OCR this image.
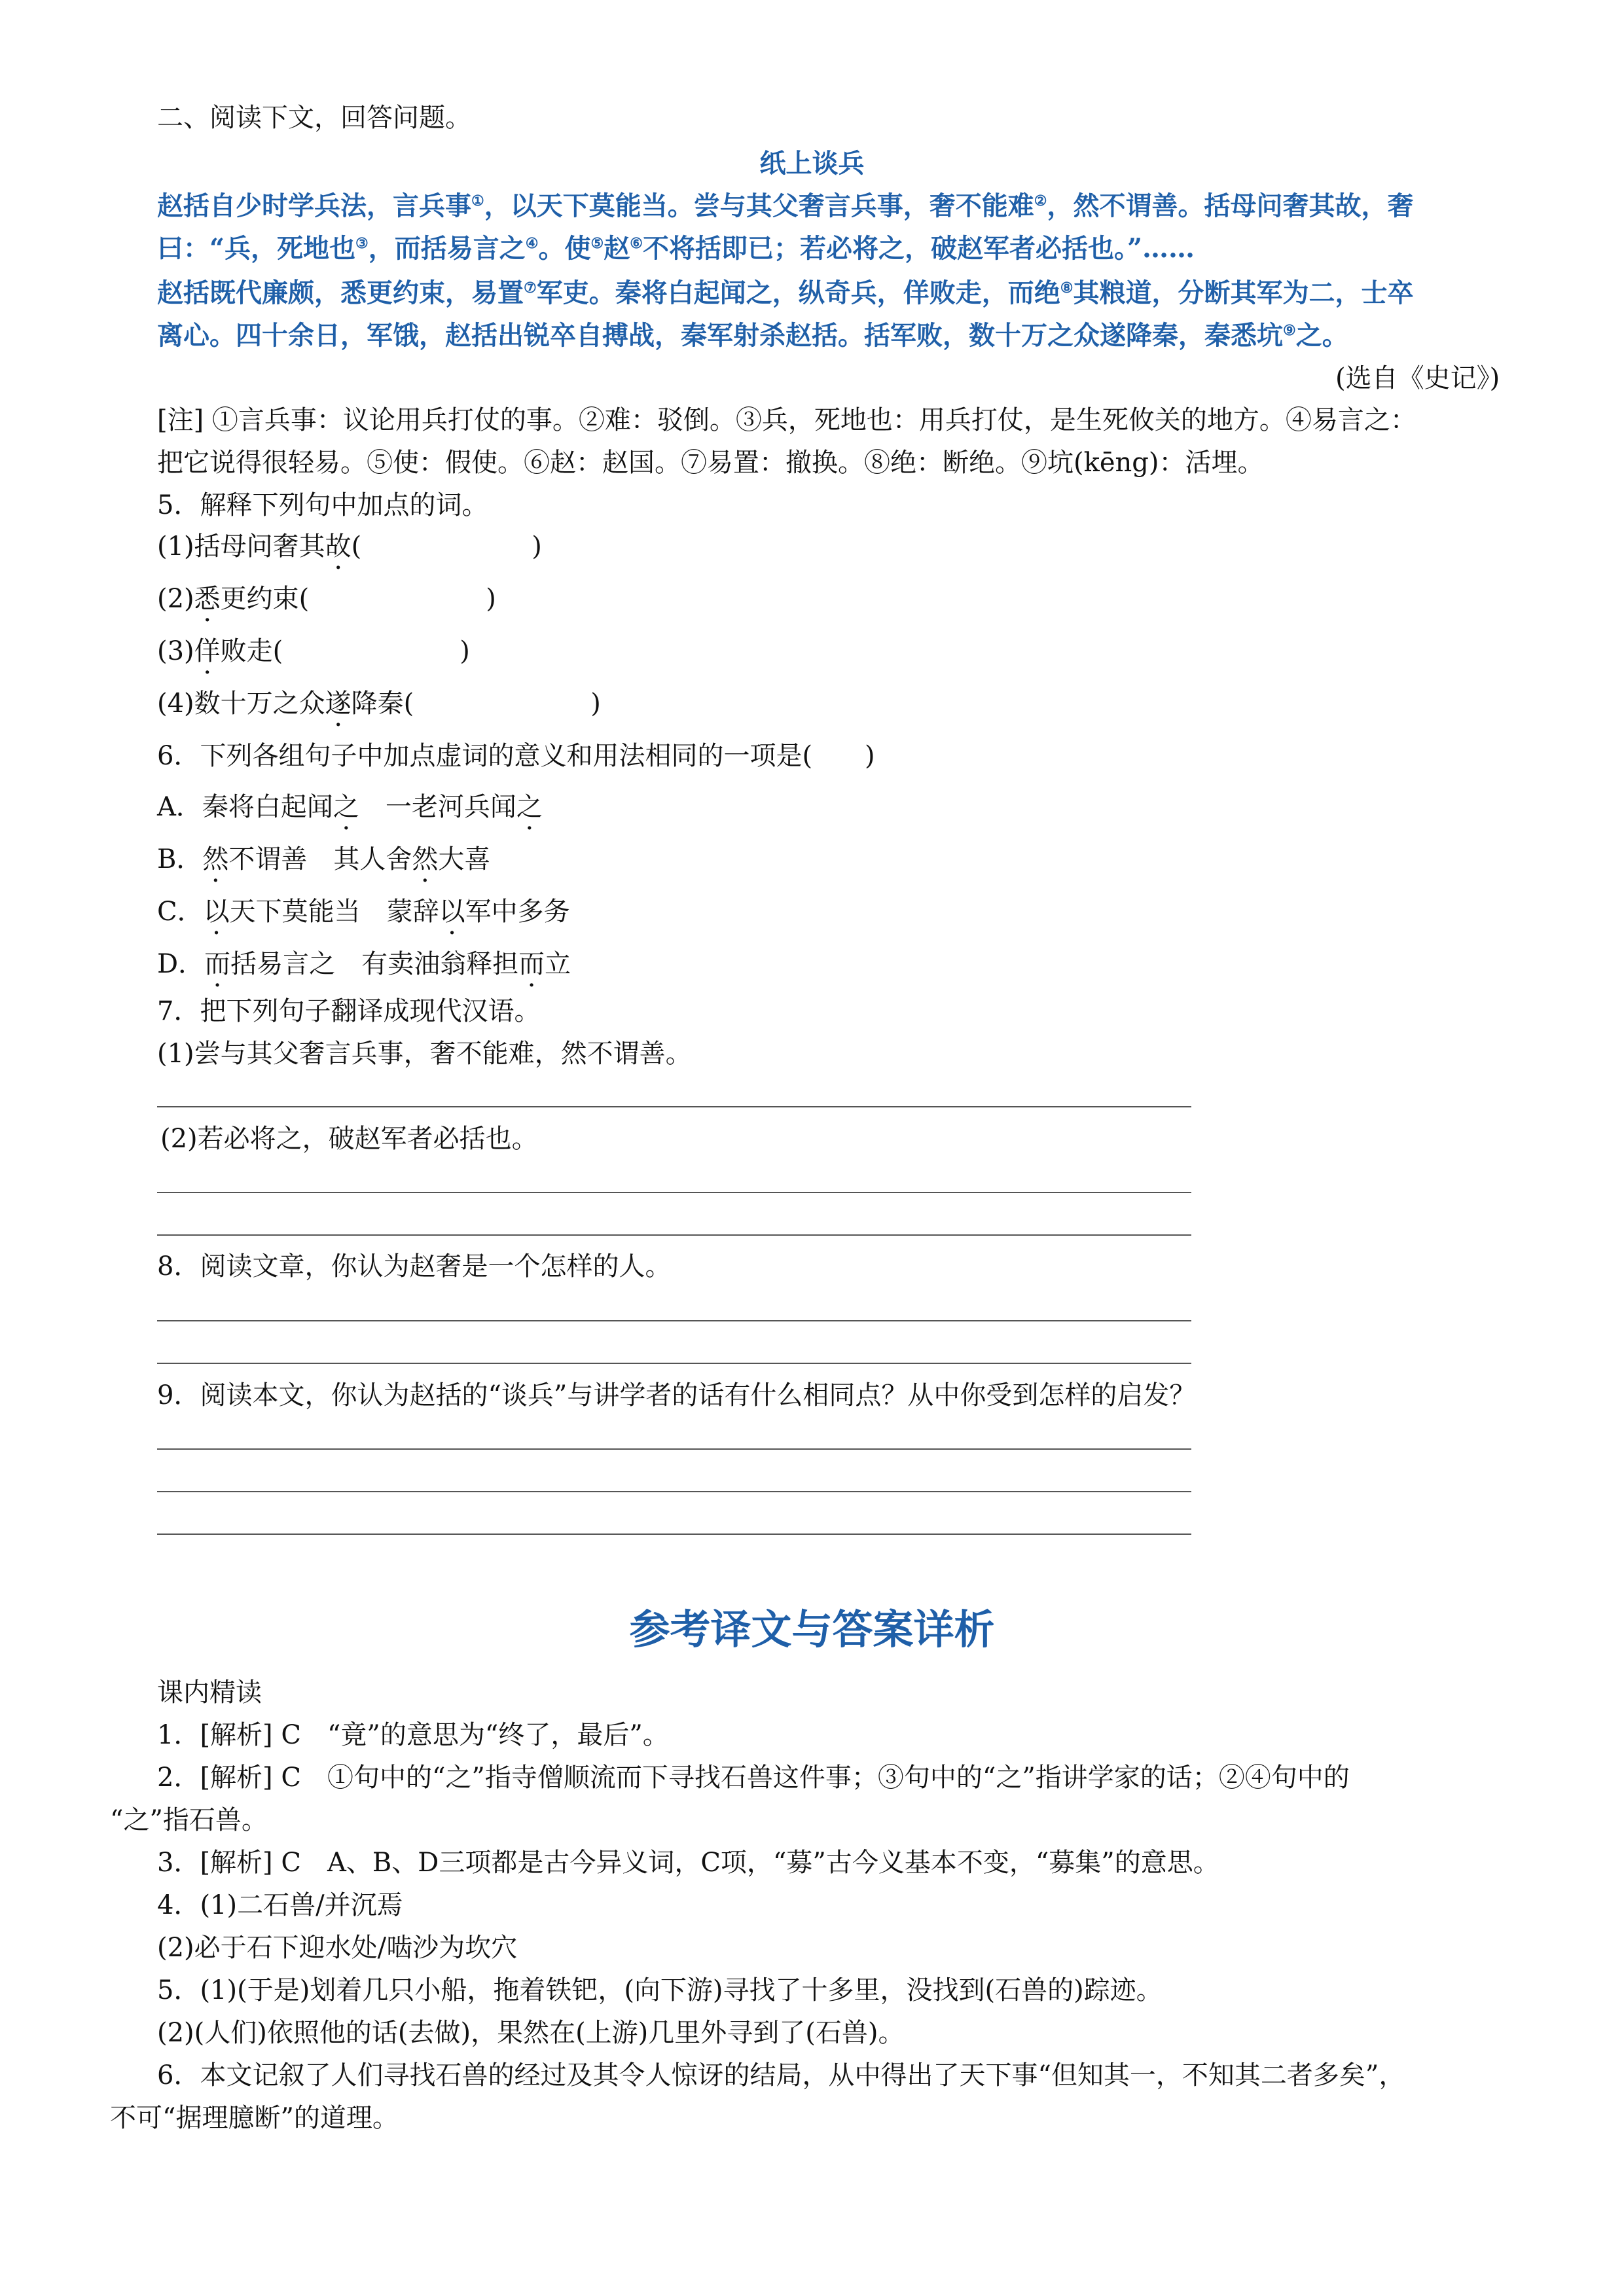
二、阅读下文，回答问题。
纸上谈兵
赵括自少时学兵法，言兵事①，以天下莫能当。尝与其父奢言兵事，奢不能难②，然不谓善。括母问奢其故，奢
曰：“兵，死地也③，而括易言之④。使⑤赵⑥不将括即已；若必将之，破赵军者必括也。”……
赵括既代廉颇，悉更约束，易置⑦军吏。秦将白起闻之，纵奇兵，佯败走，而绝⑧其粮道，分断其军为二，士卒
离心。四十余日，军饿，赵括出锐卒自搏战，秦军射杀赵括。括军败，数十万之众遂降秦，秦悉坑⑨之。
(选自《史记》)
[注] ①言兵事：议论用兵打仗的事。②难：驳倒。③兵，死地也：用兵打仗，是生死攸关的地方。④易言之：
把它说得很轻易。⑤使：假使。⑥赵：赵国。⑦易置：撤换。⑧绝：断绝。⑨坑(kēng)：活埋。
5．解释下列句中加点的词。
(1)括母问奢其故(	)
(2)悉更约束(	)
(3)佯败走(	)
(4)数十万之众遂降秦(	)
6．下列各组句子中加点虚词的意义和用法相同的一项是(　　)
A．秦将白起闻之　一老河兵闻之
B．然不谓善　其人舍然大喜
C．以天下莫能当　蒙辞以军中多务
D．而括易言之　有卖油翁释担而立
7．把下列句子翻译成现代汉语。
(1)尝与其父奢言兵事，奢不能难，然不谓善。
(2)若必将之，破赵军者必括也。
8．阅读文章，你认为赵奢是一个怎样的人。
9．阅读本文，你认为赵括的“谈兵”与讲学者的话有什么相同点？从中你受到怎样的启发？
参考译文与答案详析
课内精读
1．[解析] C　“竟”的意思为“终了，最后”。
2．[解析] C　①句中的“之”指寺僧顺流而下寻找石兽这件事；③句中的“之”指讲学家的话；②④句中的
“之”指石兽。
3．[解析] C　A、B、D三项都是古今异义词，C项，“募”古今义基本不变，“募集”的意思。
4．(1)二石兽/并沉焉
(2)必于石下迎水处/啮沙为坎穴
5．(1)(于是)划着几只小船，拖着铁钯，(向下游)寻找了十多里，没找到(石兽的)踪迹。
(2)(人们)依照他的话(去做)，果然在(上游)几里外寻到了(石兽)。
6．本文记叙了人们寻找石兽的经过及其令人惊讶的结局，从中得出了天下事“但知其一，不知其二者多矣”，
不可“据理臆断”的道理。
